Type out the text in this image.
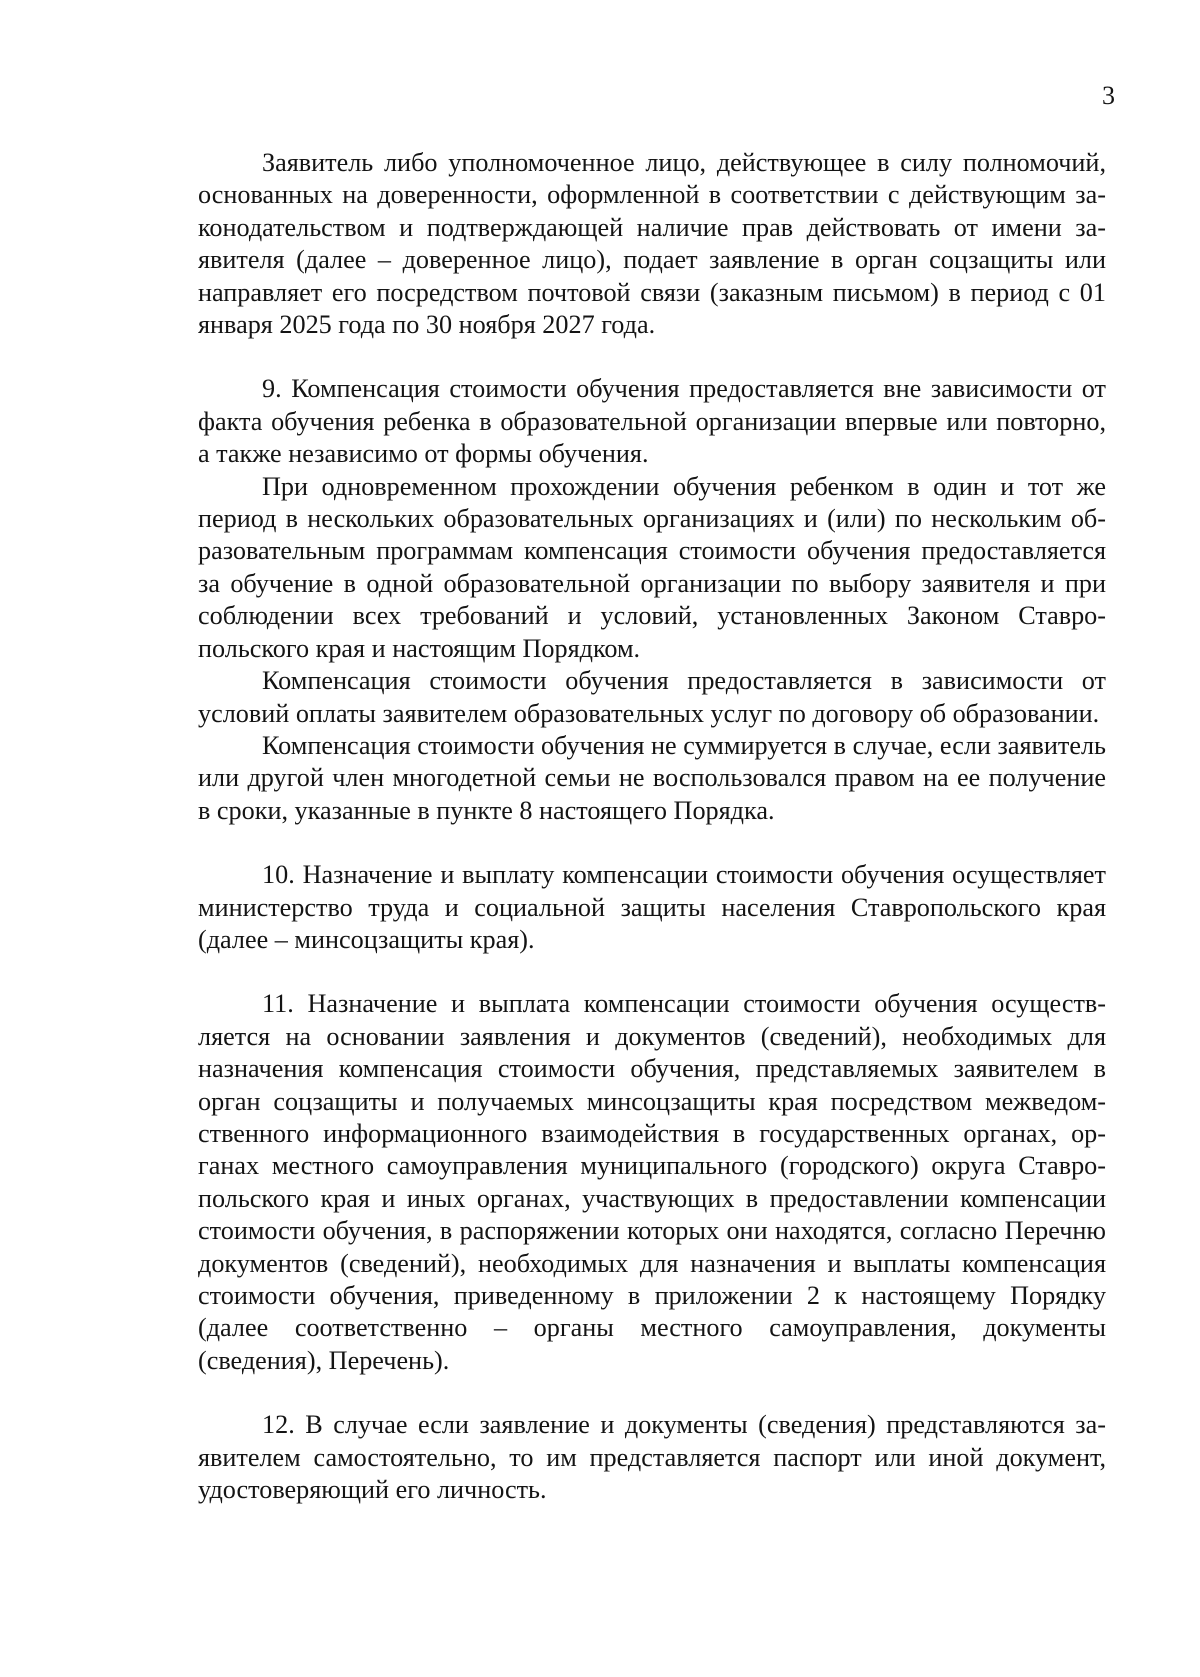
3

Заявитель либо уполномоченное лицо, действующее в силу полномочий, основанных на доверенности, оформленной в соответствии с действующим законодательством и подтверждающей наличие прав действовать от имени заявителя (далее – доверенное лицо), подает заявление в орган соцзащиты или направляет его посредством почтовой связи (заказным письмом) в период с 01 января 2025 года по 30 ноября 2027 года.

9. Компенсация стоимости обучения предоставляется вне зависимости от факта обучения ребенка в образовательной организации впервые или повторно, а также независимо от формы обучения.

При одновременном прохождении обучения ребенком в один и тот же период в нескольких образовательных организациях и (или) по нескольким образовательным программам компенсация стоимости обучения предоставляется за обучение в одной образовательной организации по выбору заявителя и при соблюдении всех требований и условий, установленных Законом Ставропольского края и настоящим Порядком.

Компенсация стоимости обучения предоставляется в зависимости от условий оплаты заявителем образовательных услуг по договору об образовании.

Компенсация стоимости обучения не суммируется в случае, если заявитель или другой член многодетной семьи не воспользовался правом на ее получение в сроки, указанные в пункте 8 настоящего Порядка.

10. Назначение и выплату компенсации стоимости обучения осуществляет министерство труда и социальной защиты населения Ставропольского края (далее – минсоцзащиты края).

11. Назначение и выплата компенсации стоимости обучения осуществляется на основании заявления и документов (сведений), необходимых для назначения компенсация стоимости обучения, представляемых заявителем в орган соцзащиты и получаемых минсоцзащиты края посредством межведомственного информационного взаимодействия в государственных органах, органах местного самоуправления муниципального (городского) округа Ставропольского края и иных органах, участвующих в предоставлении компенсации стоимости обучения, в распоряжении которых они находятся, согласно Перечню документов (сведений), необходимых для назначения и выплаты компенсация стоимости обучения, приведенному в приложении 2 к настоящему Порядку (далее соответственно – органы местного самоуправления, документы (сведения), Перечень).

12. В случае если заявление и документы (сведения) представляются заявителем самостоятельно, то им представляется паспорт или иной документ, удостоверяющий его личность.
